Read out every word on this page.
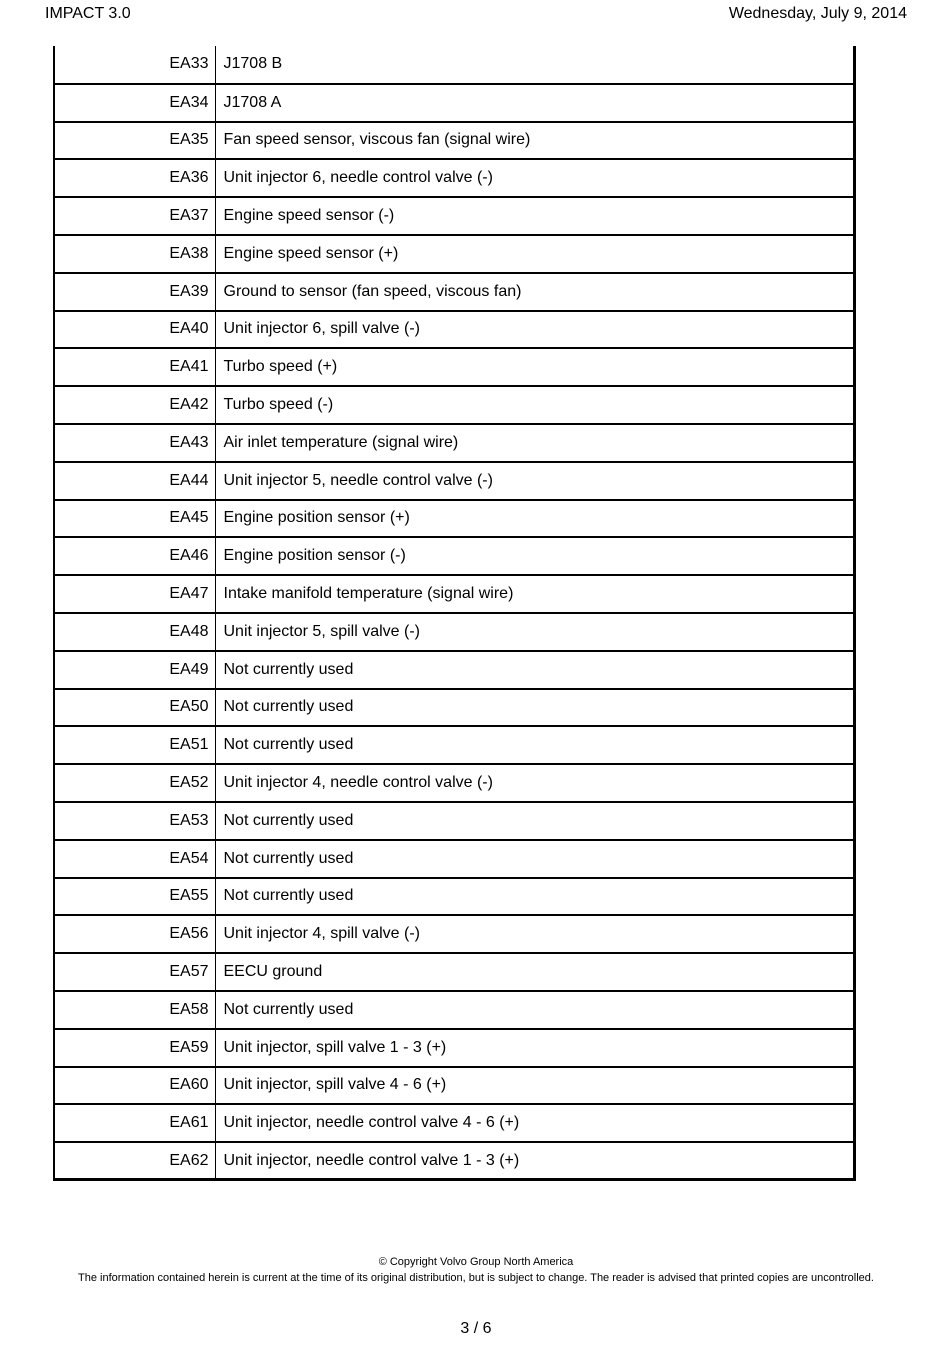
IMPACT 3.0	Wednesday, July 9, 2014
EA33	J1708 B
EA34	J1708 A
EA35	Fan speed sensor, viscous fan (signal wire)
EA36	Unit injector 6, needle control valve (-)
EA37	Engine speed sensor (-)
EA38	Engine speed sensor (+)
EA39	Ground to sensor (fan speed, viscous fan)
EA40	Unit injector 6, spill valve (-)
EA41	Turbo speed (+)
EA42	Turbo speed (-)
EA43	Air inlet temperature (signal wire)
EA44	Unit injector 5, needle control valve (-)
EA45	Engine position sensor (+)
EA46	Engine position sensor (-)
EA47	Intake manifold temperature (signal wire)
EA48	Unit injector 5, spill valve (-)
EA49	Not currently used
EA50	Not currently used
EA51	Not currently used
EA52	Unit injector 4, needle control valve (-)
EA53	Not currently used
EA54	Not currently used
EA55	Not currently used
EA56	Unit injector 4, spill valve (-)
EA57	EECU ground
EA58	Not currently used
EA59	Unit injector, spill valve 1 - 3 (+)
EA60	Unit injector, spill valve 4 - 6 (+)
EA61	Unit injector, needle control valve 4 - 6 (+)
EA62	Unit injector, needle control valve 1 - 3 (+)
© Copyright Volvo Group North America
The information contained herein is current at the time of its original distribution, but is subject to change. The reader is advised that printed copies are uncontrolled.
3 / 6
